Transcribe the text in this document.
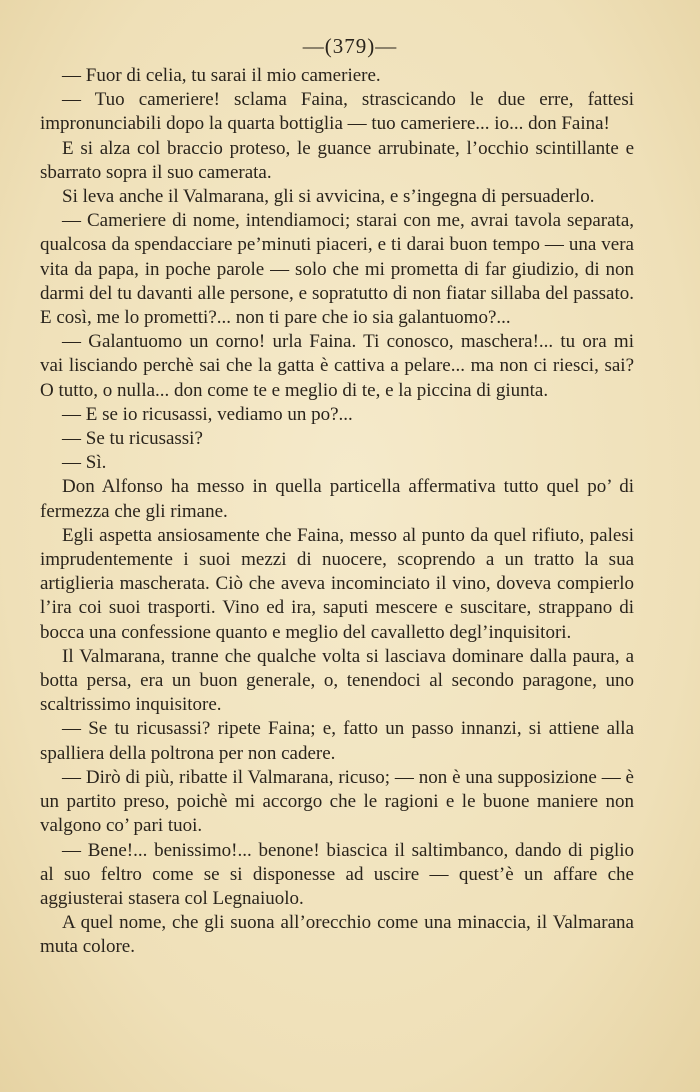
—(379)—

— Fuor di celia, tu sarai il mio cameriere.

— Tuo cameriere! sclama Faina, strascicando le due erre, fattesi impronunciabili dopo la quarta bottiglia — tuo cameriere... io... don Faina!

E si alza col braccio proteso, le guance arrubinate, l’occhio scintillante e sbarrato sopra il suo camerata.

Si leva anche il Valmarana, gli si avvicina, e s’ingegna di persuaderlo.

— Cameriere di nome, intendiamoci; starai con me, avrai tavola separata, qualcosa da spendacciare pe’minuti piaceri, e ti darai buon tempo — una vera vita da papa, in poche parole — solo che mi prometta di far giudizio, di non darmi del tu davanti alle persone, e sopratutto di non fiatar sillaba del passato. E così, me lo prometti?... non ti pare che io sia galantuomo?...

— Galantuomo un corno! urla Faina. Ti conosco, maschera!... tu ora mi vai lisciando perchè sai che la gatta è cattiva a pelare... ma non ci riesci, sai? O tutto, o nulla... don come te e meglio di te, e la piccina di giunta.

— E se io ricusassi, vediamo un po?...

— Se tu ricusassi?

— Sì.

Don Alfonso ha messo in quella particella affermativa tutto quel po’ di fermezza che gli rimane.

Egli aspetta ansiosamente che Faina, messo al punto da quel rifiuto, palesi imprudentemente i suoi mezzi di nuocere, scoprendo a un tratto la sua artiglieria mascherata. Ciò che aveva incominciato il vino, doveva compierlo l’ira coi suoi trasporti. Vino ed ira, saputi mescere e suscitare, strappano di bocca una confessione quanto e meglio del cavalletto degl’inquisitori.

Il Valmarana, tranne che qualche volta si lasciava dominare dalla paura, a botta persa, era un buon generale, o, tenendoci al secondo paragone, uno scaltrissimo inquisitore.

— Se tu ricusassi? ripete Faina; e, fatto un passo innanzi, si attiene alla spalliera della poltrona per non cadere.

— Dirò di più, ribatte il Valmarana, ricuso; — non è una supposizione — è un partito preso, poichè mi accorgo che le ragioni e le buone maniere non valgono co’ pari tuoi.

— Bene!... benissimo!... benone! biascica il saltimbanco, dando di piglio al suo feltro come se si disponesse ad uscire — quest’è un affare che aggiusterai stasera col Legnaiuolo.

A quel nome, che gli suona all’orecchio come una minaccia, il Valmarana muta colore.
